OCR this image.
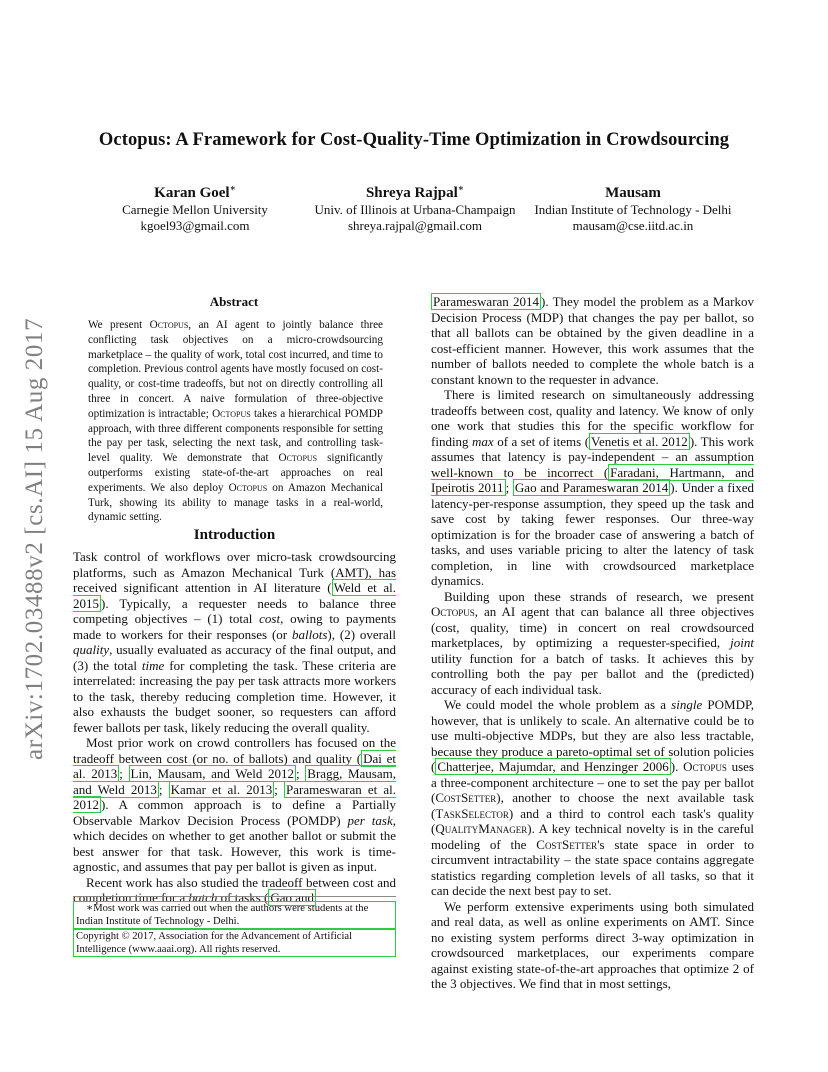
arXiv:1702.03488v2 [cs.AI] 15 Aug 2017
Octopus: A Framework for Cost-Quality-Time Optimization in Crowdsourcing
Karan Goel∗
Carnegie Mellon University
kgoel93@gmail.com
Shreya Rajpal∗
Univ. of Illinois at Urbana-Champaign
shreya.rajpal@gmail.com
Mausam
Indian Institute of Technology - Delhi
mausam@cse.iitd.ac.in
Abstract
We present Octopus, an AI agent to jointly balance three conflicting task objectives on a micro-crowdsourcing marketplace – the quality of work, total cost incurred, and time to completion. Previous control agents have mostly focused on cost-quality, or cost-time tradeoffs, but not on directly controlling all three in concert. A naive formulation of three-objective optimization is intractable; Octopus takes a hierarchical POMDP approach, with three different components responsible for setting the pay per task, selecting the next task, and controlling task-level quality. We demonstrate that Octopus significantly outperforms existing state-of-the-art approaches on real experiments. We also deploy Octopus on Amazon Mechanical Turk, showing its ability to manage tasks in a real-world, dynamic setting.
Introduction

Task control of workflows over micro-task crowdsourcing platforms, such as Amazon Mechanical Turk (AMT), has received significant attention in AI literature ( Weld et al. 2015 ). Typically, a requester needs to balance three competing objectives – (1) total cost, owing to payments made to workers for their responses (or ballots), (2) overall quality, usually evaluated as accuracy of the final output, and (3) the total time for completing the task. These criteria are interrelated: increasing the pay per task attracts more workers to the task, thereby reducing completion time. However, it also exhausts the budget sooner, so requesters can afford fewer ballots per task, likely reducing the overall quality.

Most prior work on crowd controllers has focused on the tradeoff between cost (or no. of ballots) and quality ( Dai et al. 2013 ; Lin, Mausam, and Weld 2012 ; Bragg, Mausam, and Weld 2013 ; Kamar et al. 2013 ; Parameswaran et al. 2012 ). A common approach is to define a Partially Observable Markov Decision Process (POMDP) per task, which decides on whether to get another ballot or submit the best answer for that task. However, this work is time-agnostic, and assumes that pay per ballot is given as input.

Recent work has also studied the tradeoff between cost and completion time for a batch of tasks ( Gao and

Parameswaran 2014 ). They model the problem as a Markov Decision Process (MDP) that changes the pay per ballot, so that all ballots can be obtained by the given deadline in a cost-efficient manner. However, this work assumes that the number of ballots needed to complete the whole batch is a constant known to the requester in advance.

There is limited research on simultaneously addressing tradeoffs between cost, quality and latency. We know of only one work that studies this for the specific workflow for finding max of a set of items ( Venetis et al. 2012 ). This work assumes that latency is pay-independent – an assumption well-known to be incorrect ( Faradani, Hartmann, and Ipeirotis 2011 ; Gao and Parameswaran 2014 ). Under a fixed latency-per-response assumption, they speed up the task and save cost by taking fewer responses. Our three-way optimization is for the broader case of answering a batch of tasks, and uses variable pricing to alter the latency of task completion, in line with crowdsourced marketplace dynamics.

Building upon these strands of research, we present Octopus, an AI agent that can balance all three objectives (cost, quality, time) in concert on real crowdsourced marketplaces, by optimizing a requester-specified, joint utility function for a batch of tasks. It achieves this by controlling both the pay per ballot and the (predicted) accuracy of each individual task.

We could model the whole problem as a single POMDP, however, that is unlikely to scale. An alternative could be to use multi-objective MDPs, but they are also less tractable, because they produce a pareto-optimal set of solution policies ( Chatterjee, Majumdar, and Henzinger 2006 ). Octopus uses a three-component architecture – one to set the pay per ballot (CostSetter), another to choose the next available task (TaskSelector) and a third to control each task's quality (QualityManager). A key technical novelty is in the careful modeling of the CostSetter's state space in order to circumvent intractability – the state space contains aggregate statistics regarding completion levels of all tasks, so that it can decide the next best pay to set.

We perform extensive experiments using both simulated and real data, as well as online experiments on AMT. Since no existing system performs direct 3-way optimization in crowdsourced marketplaces, our experiments compare against existing state-of-the-art approaches that optimize 2 of the 3 objectives. We find that in most settings,

∗Most work was carried out when the authors were students at the Indian Institute of Technology - Delhi.
Copyright © 2017, Association for the Advancement of Artificial Intelligence (www.aaai.org). All rights reserved.
